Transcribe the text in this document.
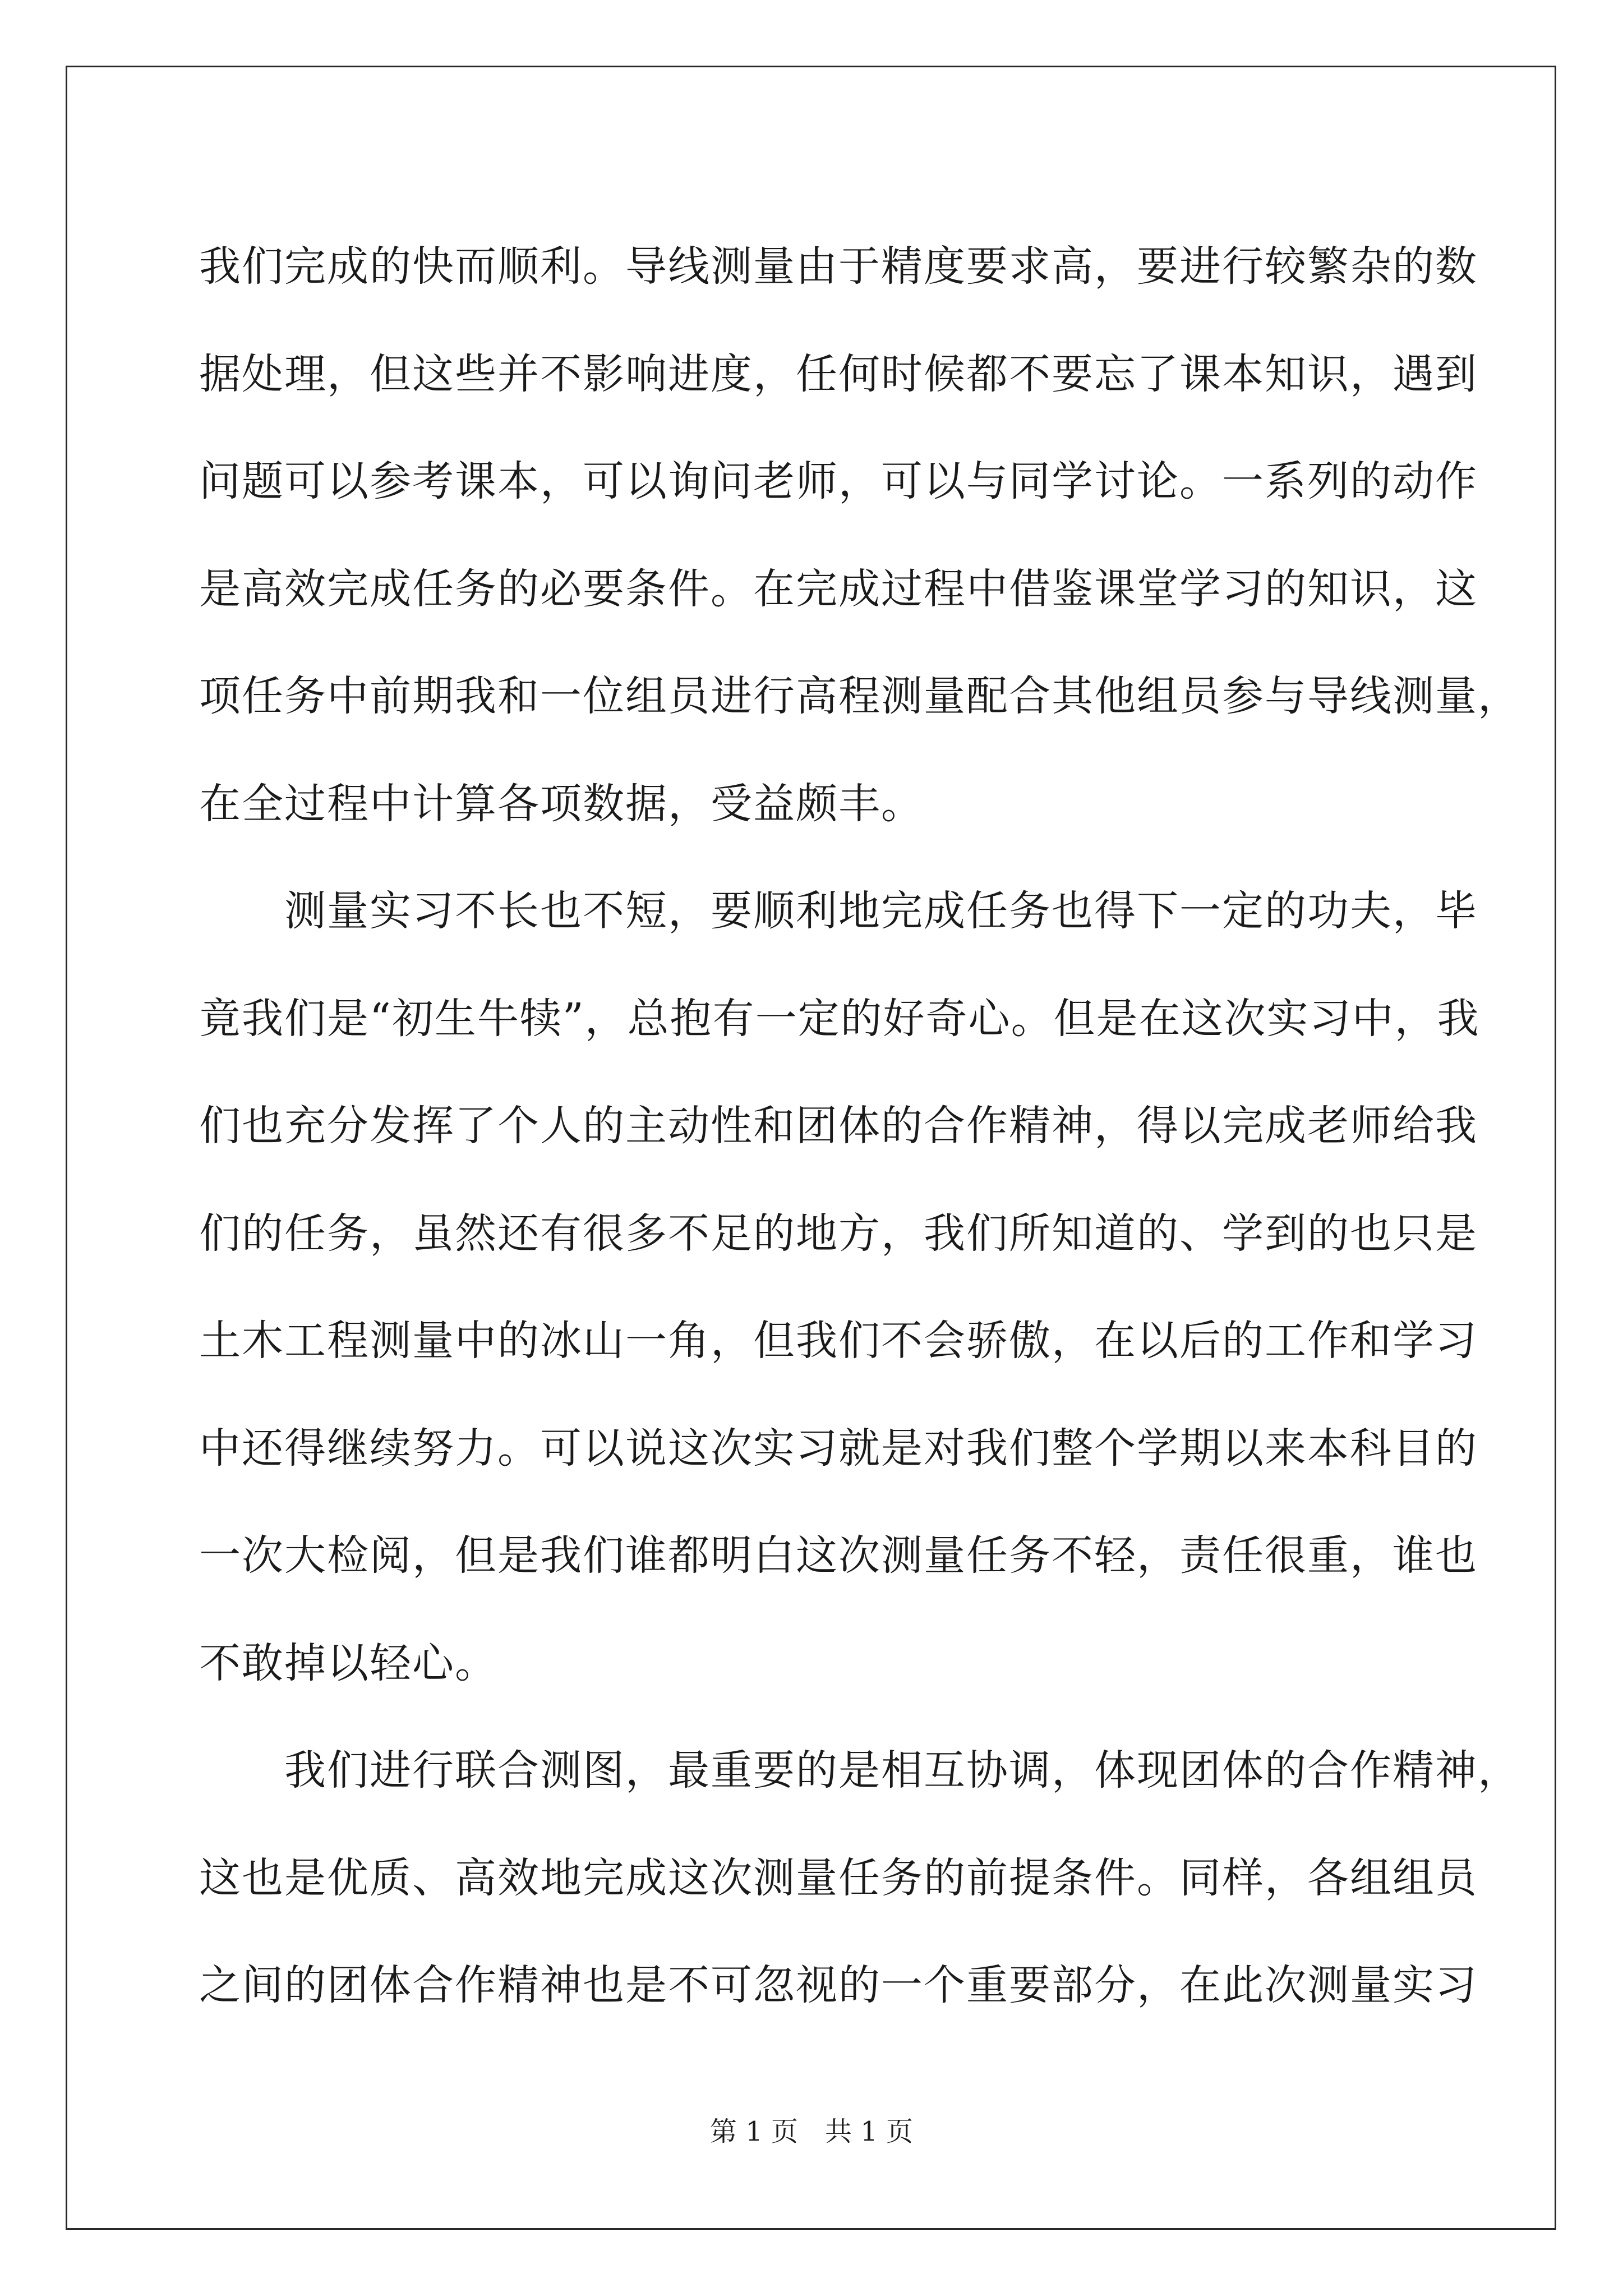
我们完成的快而顺利。导线测量由于精度要求高，要进行较繁杂的数
据处理，但这些并不影响进度，任何时候都不要忘了课本知识，遇到
问题可以参考课本，可以询问老师，可以与同学讨论。一系列的动作
是高效完成任务的必要条件。在完成过程中借鉴课堂学习的知识，这
项任务中前期我和一位组员进行高程测量配合其他组员参与导线测量，
在全过程中计算各项数据，受益颇丰。
　　测量实习不长也不短，要顺利地完成任务也得下一定的功夫，毕
竟我们是“初生牛犊”，总抱有一定的好奇心。但是在这次实习中，我
们也充分发挥了个人的主动性和团体的合作精神，得以完成老师给我
们的任务，虽然还有很多不足的地方，我们所知道的、学到的也只是
土木工程测量中的冰山一角，但我们不会骄傲，在以后的工作和学习
中还得继续努力。可以说这次实习就是对我们整个学期以来本科目的
一次大检阅，但是我们谁都明白这次测量任务不轻，责任很重，谁也
不敢掉以轻心。
　　我们进行联合测图，最重要的是相互协调，体现团体的合作精神，
这也是优质、高效地完成这次测量任务的前提条件。同样，各组组员
之间的团体合作精神也是不可忽视的一个重要部分，在此次测量实习
第 1 页　共 1 页
